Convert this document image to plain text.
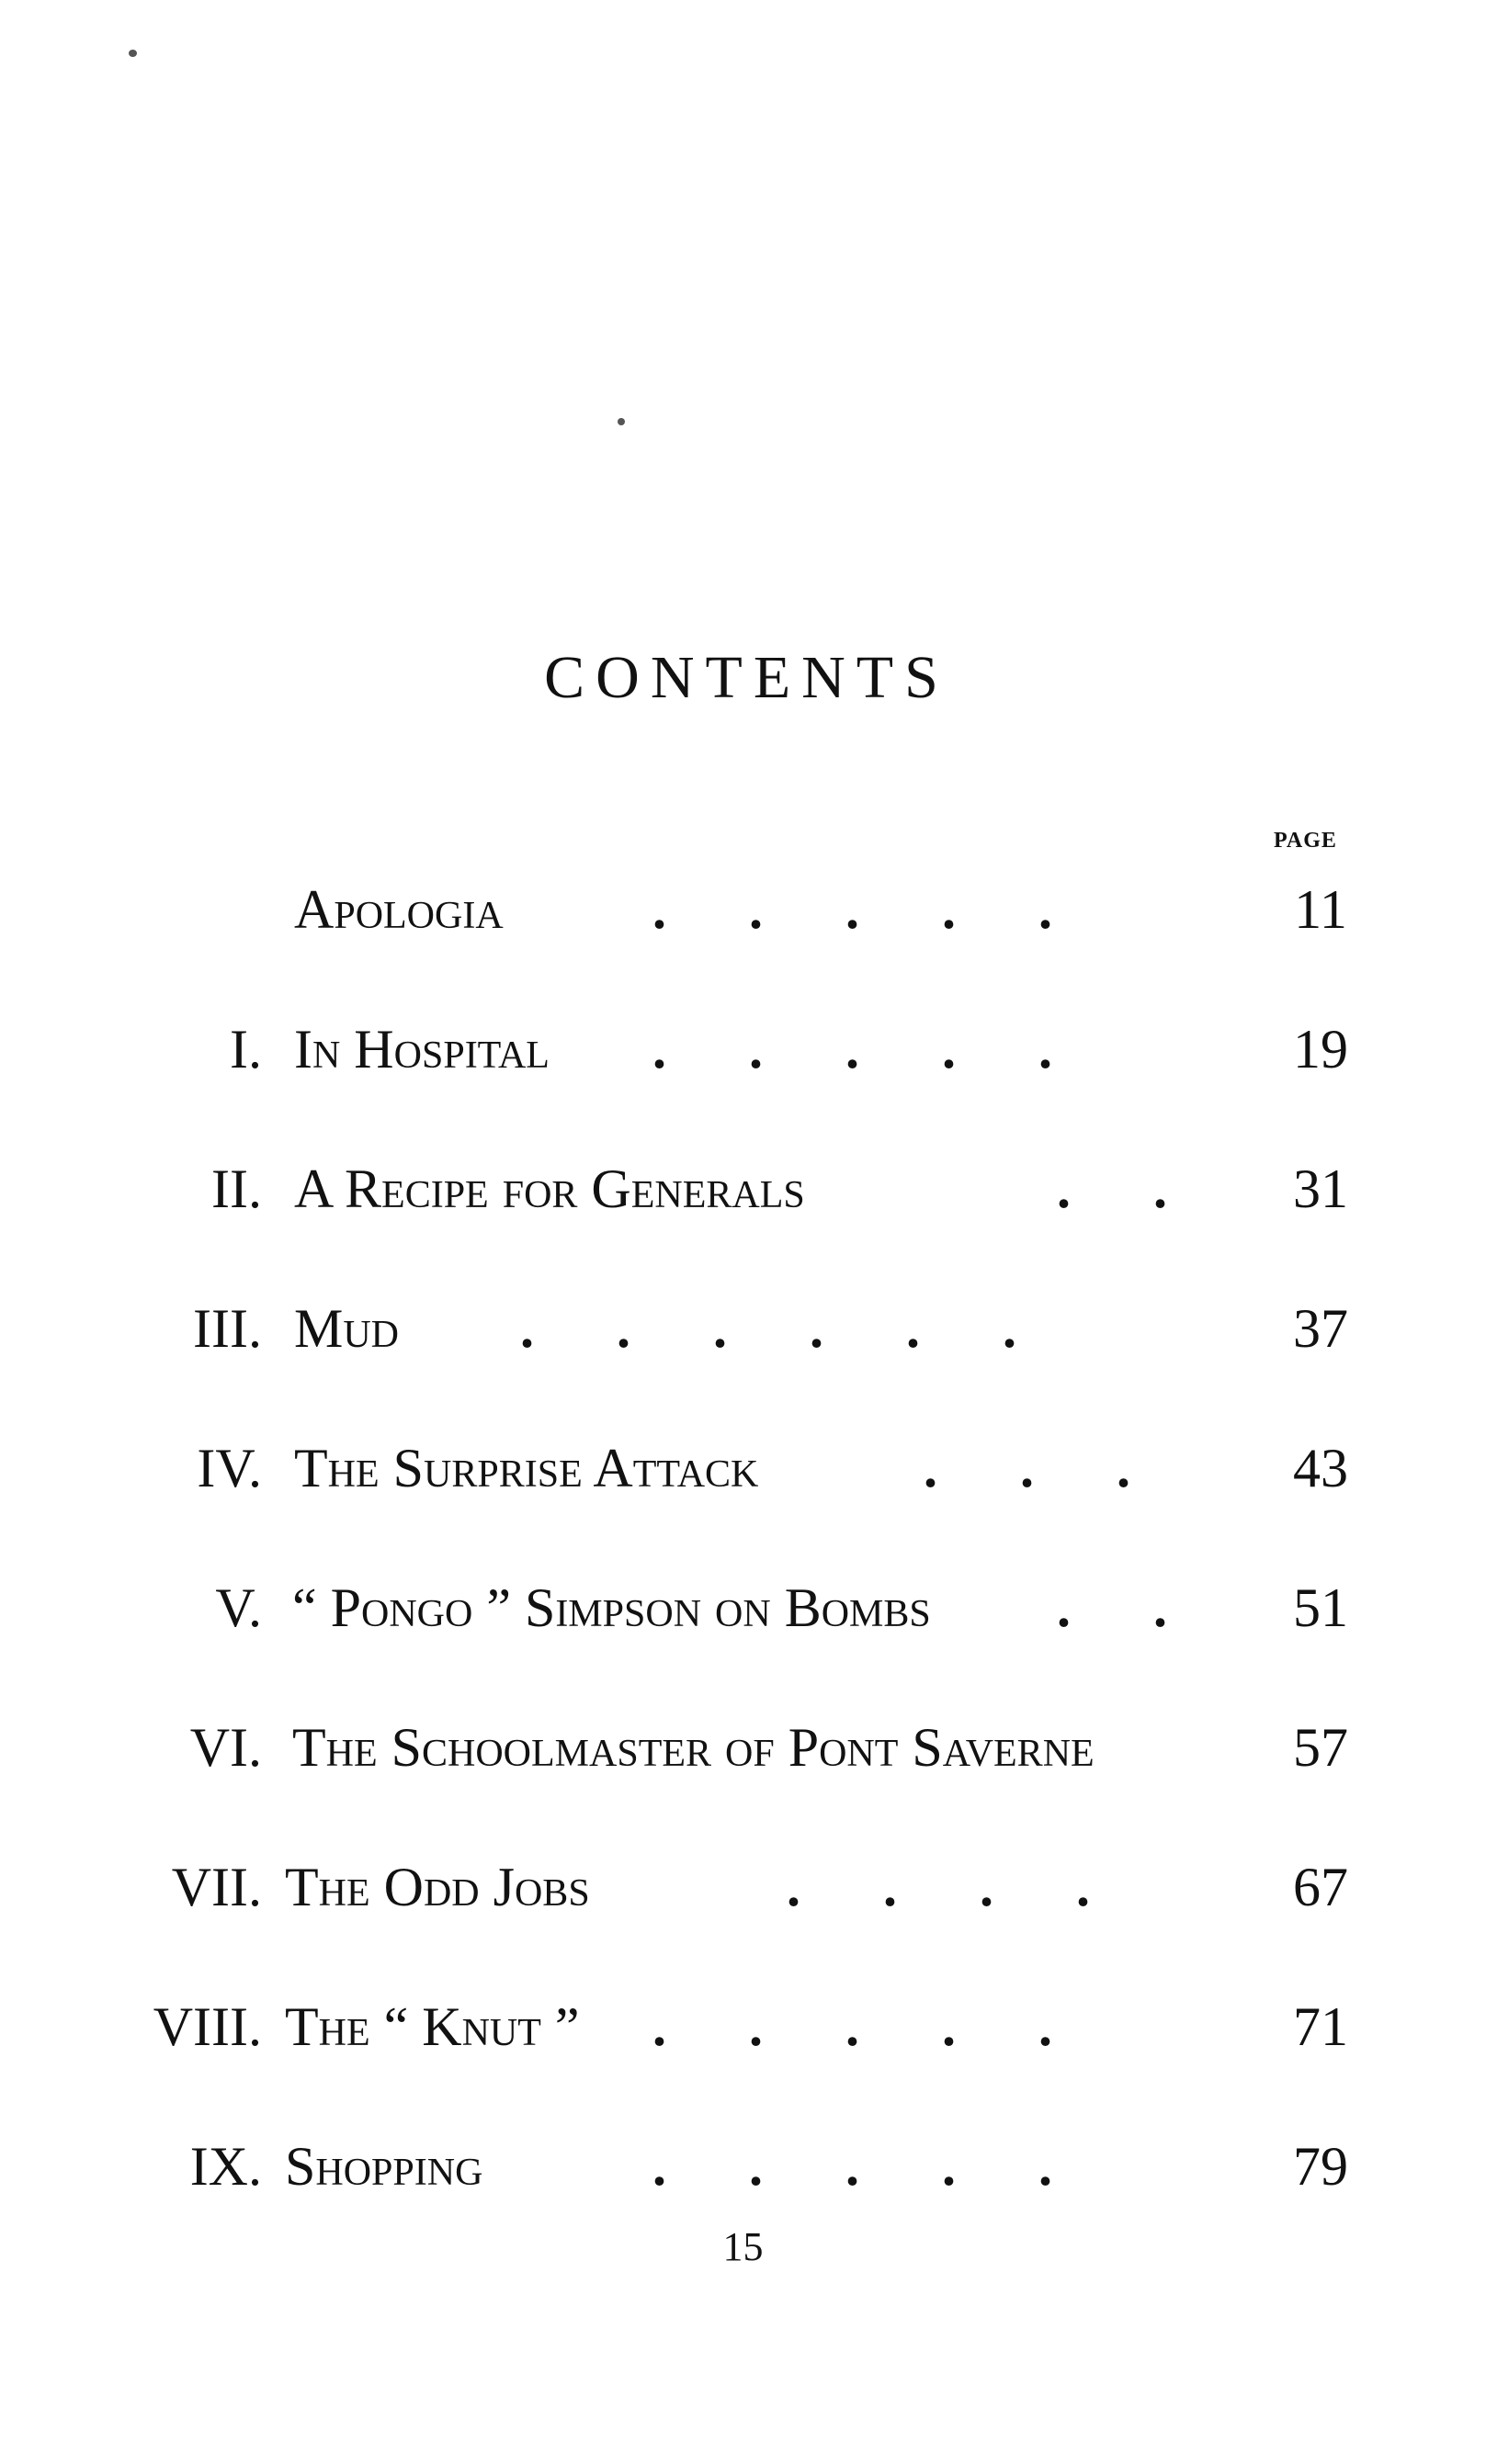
CONTENTS
PAGE
Apologia	.      .      .      .      .	11
I. In Hospital .      .      .      .      .	19
II. A Recipe for Generals	.      . 31
III. Mud .      .      .      .      .      .	37
IV. The Surprise Attack	.      .      .	43
V. “ Pongo ” Simpson on Bombs .      . 51
VI. The Schoolmaster of Pont Saverne	57
VII. The Odd Jobs	.      .      .      .	67
VIII. The “ Knut ” .      .      .      .      .	71
IX. Shopping	.      .      .      .      .	79
15
